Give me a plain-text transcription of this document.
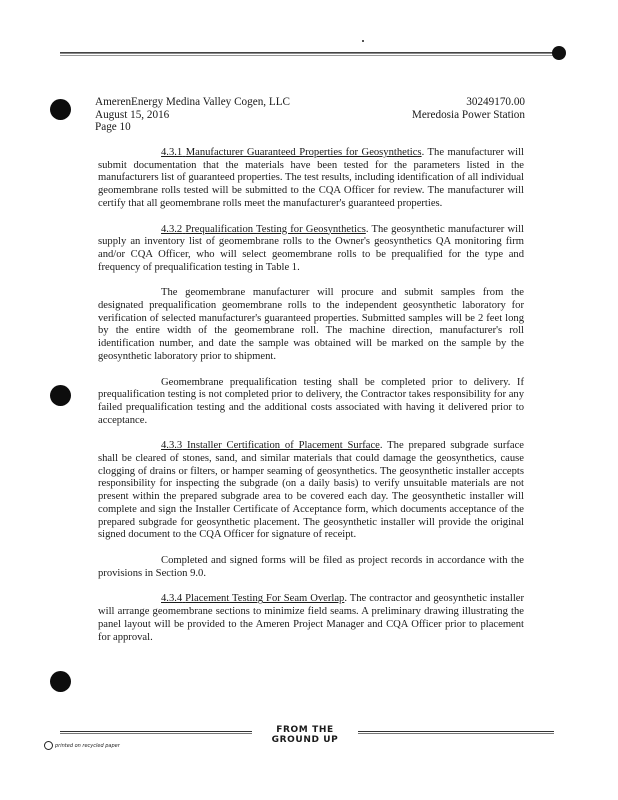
AmerenEnergy Medina Valley Cogen, LLC
August 15, 2016
Page 10
30249170.00
Meredosia Power Station

4.3.1 Manufacturer Guaranteed Properties for Geosynthetics. The manufacturer will submit documentation that the materials have been tested for the parameters listed in the manufacturers list of guaranteed properties. The test results, including identification of all individual geomembrane rolls tested will be submitted to the CQA Officer for review. The manufacturer will certify that all geomembrane rolls meet the manufacturer's guaranteed properties.

4.3.2 Prequalification Testing for Geosynthetics. The geosynthetic manufacturer will supply an inventory list of geomembrane rolls to the Owner's geosynthetics QA monitoring firm and/or CQA Officer, who will select geomembrane rolls to be prequalified for the type and frequency of prequalification testing in Table 1.

The geomembrane manufacturer will procure and submit samples from the designated prequalification geomembrane rolls to the independent geosynthetic laboratory for verification of selected manufacturer's guaranteed properties. Submitted samples will be 2 feet long by the entire width of the geomembrane roll. The machine direction, manufacturer's roll identification number, and date the sample was obtained will be marked on the sample by the geosynthetic laboratory prior to shipment.

Geomembrane prequalification testing shall be completed prior to delivery. If prequalification testing is not completed prior to delivery, the Contractor takes responsibility for any failed prequalification testing and the additional costs associated with having it delivered prior to acceptance.

4.3.3 Installer Certification of Placement Surface. The prepared subgrade surface shall be cleared of stones, sand, and similar materials that could damage the geosynthetics, cause clogging of drains or filters, or hamper seaming of geosynthetics. The geosynthetic installer accepts responsibility for inspecting the subgrade (on a daily basis) to verify unsuitable materials are not present within the prepared subgrade area to be covered each day. The geosynthetic installer will complete and sign the Installer Certificate of Acceptance form, which documents acceptance of the prepared subgrade for geosynthetic placement. The geosynthetic installer will provide the original signed document to the CQA Officer for signature of receipt.

Completed and signed forms will be filed as project records in accordance with the provisions in Section 9.0.

4.3.4 Placement Testing For Seam Overlap. The contractor and geosynthetic installer will arrange geomembrane sections to minimize field seams. A preliminary drawing illustrating the panel layout will be provided to the Ameren Project Manager and CQA Officer prior to placement for approval.

FROM THE GROUND UP
printed on recycled paper
